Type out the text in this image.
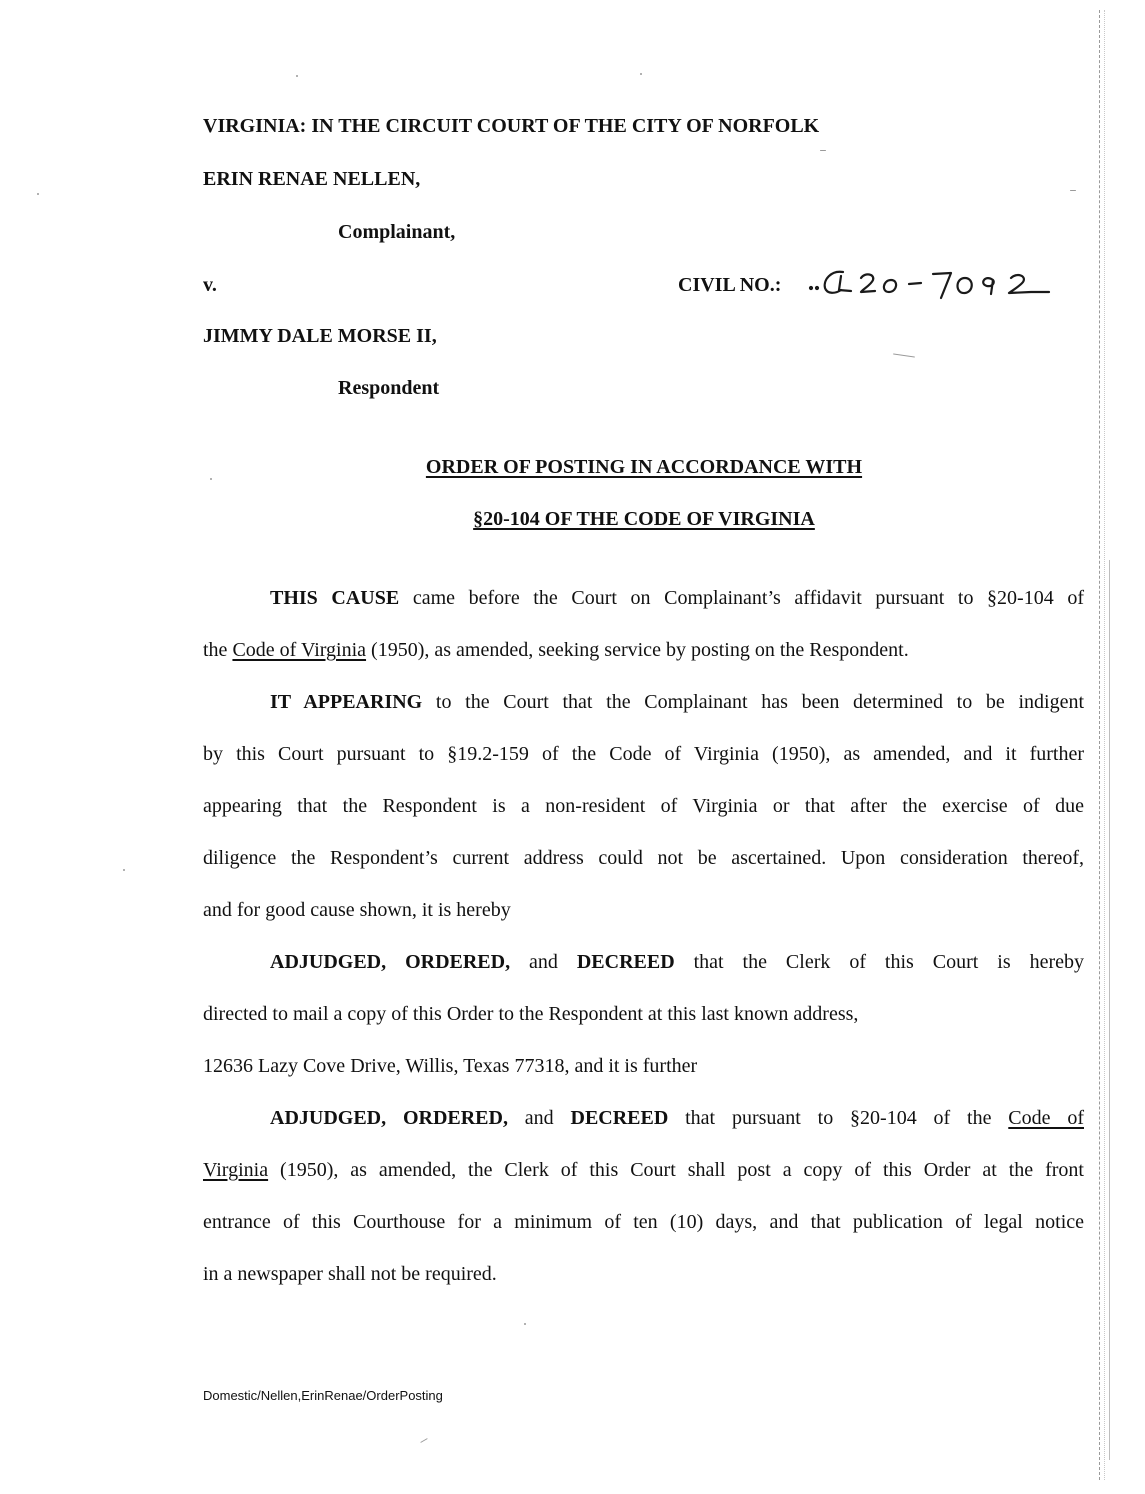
VIRGINIA: IN THE CIRCUIT COURT OF THE CITY OF NORFOLK
ERIN RENAE NELLEN,
Complainant,
v.	CIVIL NO.:
JIMMY DALE MORSE II,
Respondent
ORDER OF POSTING IN ACCORDANCE WITH
§20-104 OF THE CODE OF VIRGINIA
THIS CAUSE came before the Court on Complainant’s affidavit pursuant to §20-104 of
the Code of Virginia (1950), as amended, seeking service by posting on the Respondent.
IT APPEARING to the Court that the Complainant has been determined to be indigent
by this Court pursuant to §19.2-159 of the Code of Virginia (1950), as amended, and it further
appearing that the Respondent is a non-resident of Virginia or that after the exercise of due
diligence the Respondent’s current address could not be ascertained. Upon consideration thereof,
and for good cause shown, it is hereby
ADJUDGED, ORDERED, and DECREED that the Clerk of this Court is hereby
directed to mail a copy of this Order to the Respondent at this last known address,
12636 Lazy Cove Drive, Willis, Texas 77318, and it is further
ADJUDGED, ORDERED, and DECREED that pursuant to §20-104 of the Code of
Virginia (1950), as amended, the Clerk of this Court shall post a copy of this Order at the front
entrance of this Courthouse for a minimum of ten (10) days, and that publication of legal notice
in a newspaper shall not be required.
Domestic/Nellen,ErinRenae/OrderPosting
